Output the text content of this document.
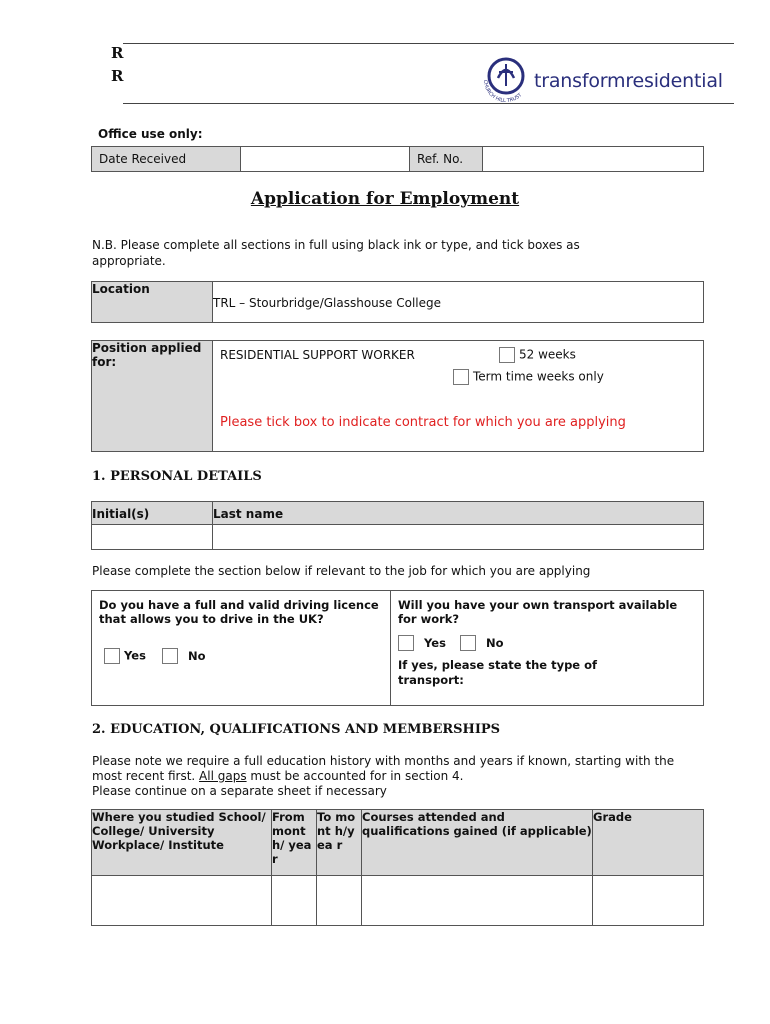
R
R	CHURCH HILL TRUST
transformresidential
Office use only:
Date Received		Ref. No.	
Application for Employment
N.B. Please complete all sections in full using black ink or type, and tick boxes as appropriate.
Location	TRL – Stourbridge/Glasshouse College
Position applied for:	RESIDENTIAL SUPPORT WORKER	52 weeks
Term time weeks only
Please tick box to indicate contract for which you are applying
1. PERSONAL DETAILS
Initial(s)	Last name

Please complete the section below if relevant to the job for which you are applying
Do you have a full and valid driving licence that allows you to drive in the UK?
Yes	No

Will you have your own transport available for work?
Yes	No
If yes, please state the type of transport:
2. EDUCATION, QUALIFICATIONS AND MEMBERSHIPS
Please note we require a full education history with months and years if known, starting with the most recent first. All gaps must be accounted for in section 4.
Please continue on a separate sheet if necessary
Where you studied School/ College/ University Workplace/ Institute	From mont h/ year	To mont h/yea r	Courses attended and qualifications gained (if applicable)	Grade
